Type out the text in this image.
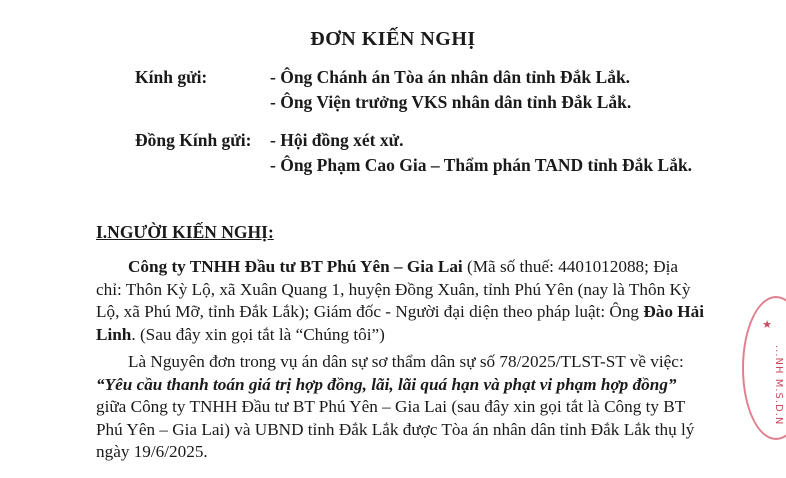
ĐƠN KIẾN NGHỊ
Kính gửi:	- Ông Chánh án Tòa án nhân dân tỉnh Đắk Lắk.
- Ông Viện trưởng VKS nhân dân tỉnh Đắk Lắk.
Đồng Kính gửi: - Hội đồng xét xử.
- Ông Phạm Cao Gia – Thẩm phán TAND tỉnh Đắk Lắk.
I.NGƯỜI KIẾN NGHỊ:
Công ty TNHH Đầu tư BT Phú Yên – Gia Lai (Mã số thuế: 4401012088; Địa
chỉ: Thôn Kỳ Lộ, xã Xuân Quang 1, huyện Đồng Xuân, tỉnh Phú Yên (nay là Thôn Kỳ
Lộ, xã Phú Mỡ, tỉnh Đắk Lắk); Giám đốc - Người đại diện theo pháp luật: Ông Đào Hải
Linh. (Sau đây xin gọi tắt là “Chúng tôi”)
Là Nguyên đơn trong vụ án dân sự sơ thẩm dân sự số 78/2025/TLST-ST về việc:
“Yêu cầu thanh toán giá trị hợp đồng, lãi, lãi quá hạn và phạt vi phạm hợp đồng”
giữa Công ty TNHH Đầu tư BT Phú Yên – Gia Lai (sau đây xin gọi tắt là Công ty BT
Phú Yên – Gia Lai) và UBND tỉnh Đắk Lắk được Tòa án nhân dân tỉnh Đắk Lắk thụ lý
ngày 19/6/2025.
★
...NH M.S.D.N
